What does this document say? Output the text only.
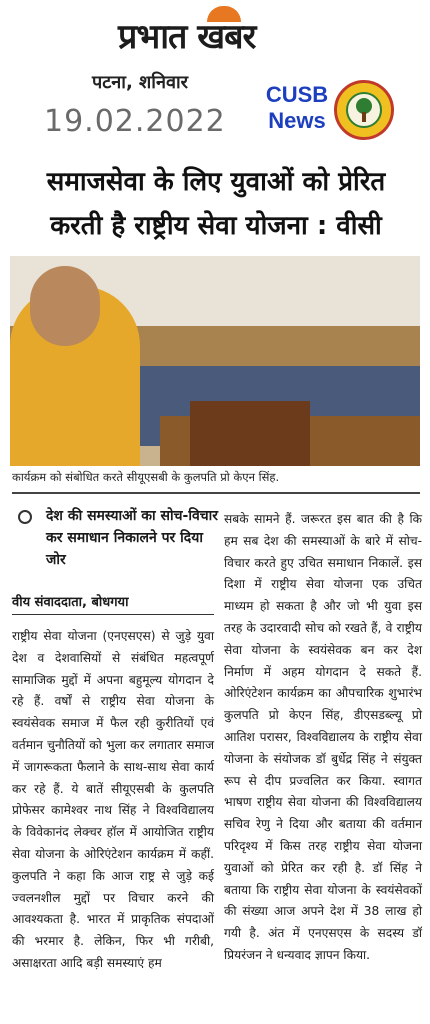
प्रभात खबर
पटना, शनिवार
19.02.2022
CUSB
News
समाजसेवा के लिए युवाओं को प्रेरित
करती है राष्ट्रीय सेवा योजना : वीसी
कार्यक्रम को संबोधित करते सीयूएसबी के कुलपति प्रो केएन सिंह.
देश की समस्याओं का सोच-विचार कर समाधान निकालने पर दिया जोर
वीय संवाददाता, बोधगया
राष्ट्रीय सेवा योजना (एनएसएस) से जुड़े युवा देश व देशवासियों से संबंधित महत्वपूर्ण सामाजिक मुद्दों में अपना बहुमूल्य योगदान दे रहे हैं. वर्षों से राष्ट्रीय सेवा योजना के स्वयंसेवक समाज में फैल रही कुरीतियों एवं वर्तमान चुनौतियों को भुला कर लगातार समाज में जागरूकता फैलाने के साथ-साथ सेवा कार्य कर रहे हैं. ये बातें सीयूएसबी के कुलपति प्रोफेसर कामेश्वर नाथ सिंह ने विश्वविद्यालय के विवेकानंद लेक्चर हॉल में आयोजित राष्ट्रीय सेवा योजना के ओरिएंटेशन कार्यक्रम में कहीं. कुलपति ने कहा कि आज राष्ट्र से जुड़े कई ज्वलनशील मुद्दों पर विचार करने की आवश्यकता है. भारत में प्राकृतिक संपदाओं की भरमार है. लेकिन, फिर भी गरीबी, असाक्षरता आदि बड़ी समस्याएं हम
सबके सामने हैं. जरूरत इस बात की है कि हम सब देश की समस्याओं के बारे में सोच-विचार करते हुए उचित समाधान निकालें. इस दिशा में राष्ट्रीय सेवा योजना एक उचित माध्यम हो सकता है और जो भी युवा इस तरह के उदारवादी सोच को रखते हैं, वे राष्ट्रीय सेवा योजना के स्वयंसेवक बन कर देश निर्माण में अहम योगदान दे सकते हैं. ओरिएंटेशन कार्यक्रम का औपचारिक शुभारंभ कुलपति प्रो केएन सिंह, डीएसडब्ल्यू प्रो आतिश परासर, विश्वविद्यालय के राष्ट्रीय सेवा योजना के संयोजक डॉ बुर्धेद्र सिंह ने संयुक्त रूप से दीप प्रज्वलित कर किया. स्वागत भाषण राष्ट्रीय सेवा योजना की विश्वविद्यालय सचिव रेणु ने दिया और बताया की वर्तमान परिदृश्य में किस तरह राष्ट्रीय सेवा योजना युवाओं को प्रेरित कर रही है. डॉ सिंह ने बताया कि राष्ट्रीय सेवा योजना के स्वयंसेवकों की संख्या आज अपने देश में 38 लाख हो गयी है. अंत में एनएसएस के सदस्य डॉ प्रियरंजन ने धन्यवाद ज्ञापन किया.
